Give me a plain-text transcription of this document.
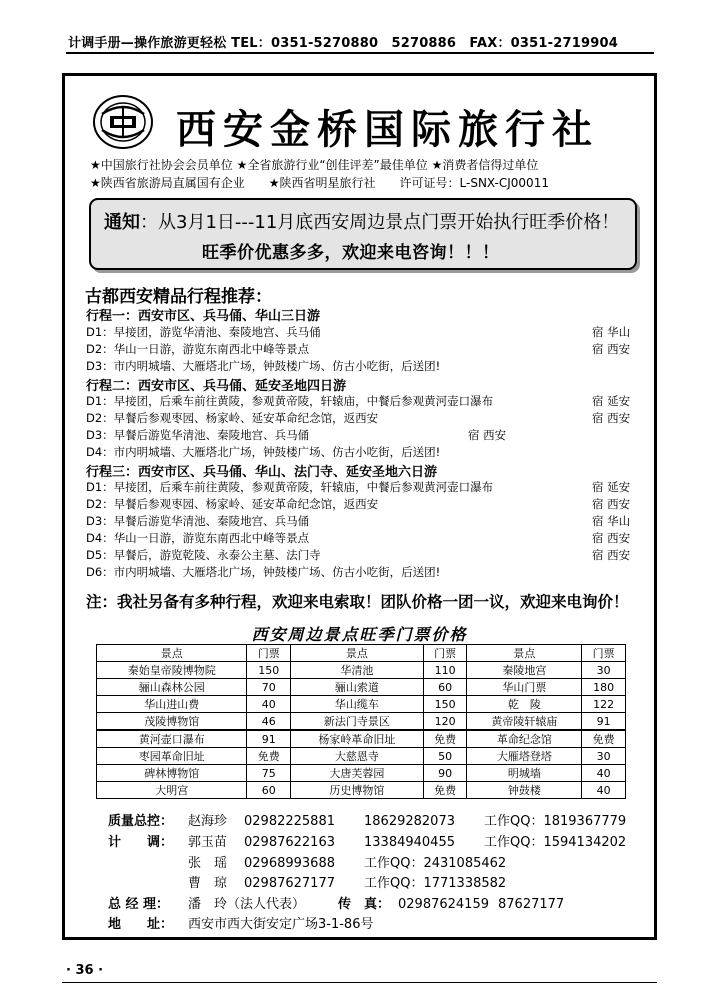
计调手册—操作旅游更轻松 TEL：0351-5270880　5270886　FAX：0351-2719904
西安金桥国际旅行社
★中国旅行社协会会员单位 ★全省旅游行业“创佳评差”最佳单位 ★消费者信得过单位
★陕西省旅游局直属国有企业　　★陕西省明星旅行社　　许可证号：L-SNX-CJ00011
通知：从3月1日---11月底西安周边景点门票开始执行旺季价格！
旺季价优惠多多，欢迎来电咨询！！！
古都西安精品行程推荐：
行程一：西安市区、兵马俑、华山三日游
D1：早接团，游览华清池、秦陵地宫、兵马俑	宿 华山
D2：华山一日游，游览东南西北中峰等景点	宿 西安
D3：市内明城墙、大雁塔北广场，钟鼓楼广场、仿古小吃街，后送团!
行程二：西安市区、兵马俑、延安圣地四日游
D1：早接团，后乘车前往黄陵，参观黄帝陵，轩辕庙，中餐后参观黄河壶口瀑布	宿 延安
D2：早餐后参观枣园、杨家岭、延安革命纪念馆，返西安	宿 西安
D3：早餐后游览华清池、秦陵地宫、兵马俑	宿 西安
D4：市内明城墙、大雁塔北广场，钟鼓楼广场、仿古小吃街，后送团!
行程三：西安市区、兵马俑、华山、法门寺、延安圣地六日游
D1：早接团，后乘车前往黄陵，参观黄帝陵，轩辕庙，中餐后参观黄河壶口瀑布	宿 延安
D2：早餐后参观枣园、杨家岭、延安革命纪念馆，返西安	宿 西安
D3：早餐后游览华清池、秦陵地宫、兵马俑	宿 华山
D4：华山一日游，游览东南西北中峰等景点	宿 西安
D5：早餐后，游览乾陵、永泰公主墓、法门寺	宿 西安
D6：市内明城墙、大雁塔北广场，钟鼓楼广场、仿古小吃街，后送团!
注：我社另备有多种行程，欢迎来电索取！团队价格一团一议，欢迎来电询价！
西安周边景点旺季门票价格
景点	门票	景点	门票	景点	门票
秦始皇帝陵博物院	150	华清池	110	秦陵地宫	30
骊山森林公园	70	骊山索道	60	华山门票	180
华山进山费	40	华山缆车	150	乾　陵	122
茂陵博物馆	46	新法门寺景区	120	黄帝陵轩辕庙	91
黄河壶口瀑布	91	杨家岭革命旧址	免费	革命纪念馆	免费
枣园革命旧址	免费	大慈恩寺	50	大雁塔登塔	30
碑林博物馆	75	大唐芙蓉园	90	明城墙	40
大明宫	60	历史博物馆	免费	钟鼓楼	40
质量总控： 赵海珍 02982225881 18629282073 工作QQ：1819367779
计　　调： 郭玉苗 02987622163 13384940455 工作QQ：1594134202
张　瑶 02968993688 工作QQ：2431085462
曹　琼 02987627177 工作QQ：1771338582
总 经 理： 潘　玲（法人代表）	传　真： 02987624159 87627177
地　　址： 西安市西大街安定广场3-1-86号
· 36 ·
